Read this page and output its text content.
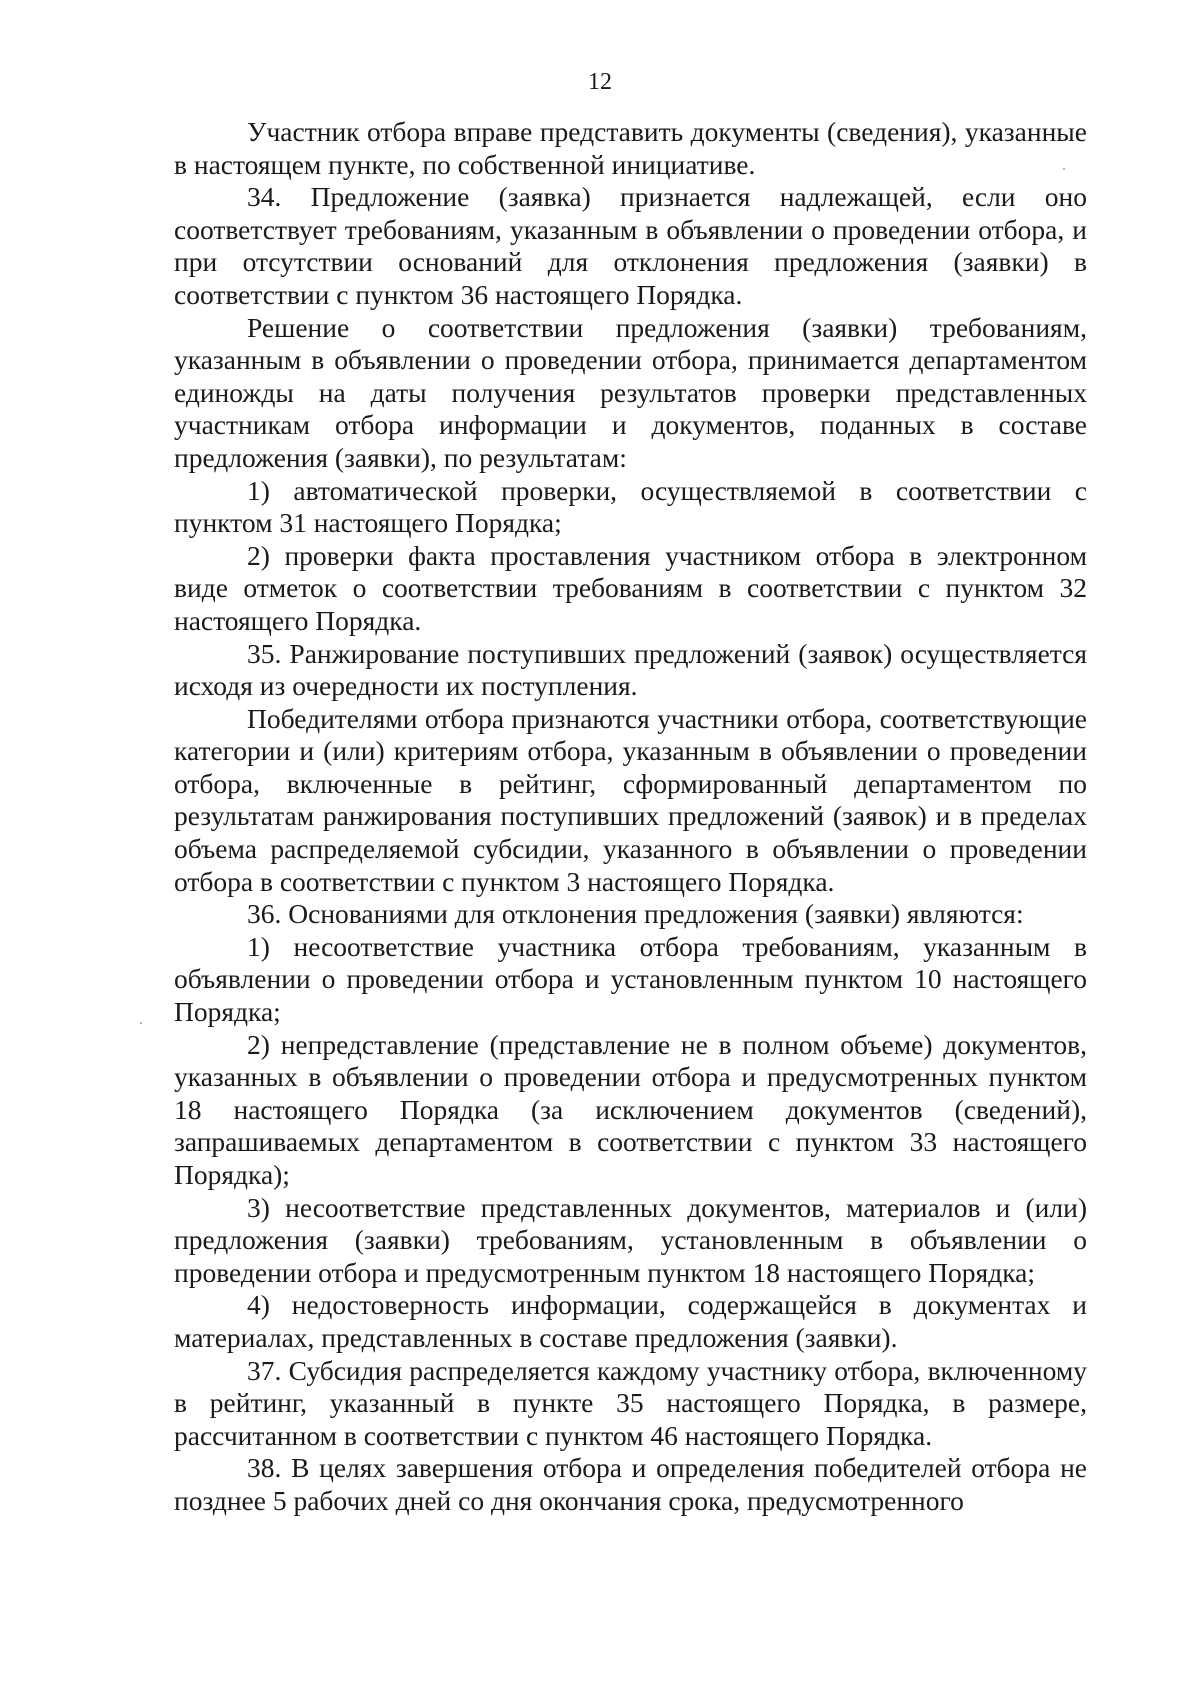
12

Участник отбора вправе представить документы (сведения), указанные в настоящем пункте, по собственной инициативе.

34. Предложение (заявка) признается надлежащей, если оно соответствует требованиям, указанным в объявлении о проведении отбора, и при отсутствии оснований для отклонения предложения (заявки) в соответствии с пунктом 36 настоящего Порядка.

Решение о соответствии предложения (заявки) требованиям, указанным в объявлении о проведении отбора, принимается департаментом единожды на даты получения результатов проверки представленных участникам отбора информации и документов, поданных в составе предложения (заявки), по результатам:

1) автоматической проверки, осуществляемой в соответствии с пунктом 31 настоящего Порядка;

2) проверки факта проставления участником отбора в электронном виде отметок о соответствии требованиям в соответствии с пунктом 32 настоящего Порядка.

35. Ранжирование поступивших предложений (заявок) осуществляется исходя из очередности их поступления.

Победителями отбора признаются участники отбора, соответствующие категории и (или) критериям отбора, указанным в объявлении о проведении отбора, включенные в рейтинг, сформированный департаментом по результатам ранжирования поступивших предложений (заявок) и в пределах объема распределяемой субсидии, указанного в объявлении о проведении отбора в соответствии с пунктом 3 настоящего Порядка.

36. Основаниями для отклонения предложения (заявки) являются:

1) несоответствие участника отбора требованиям, указанным в объявлении о проведении отбора и установленным пунктом 10 настоящего Порядка;

2) непредставление (представление не в полном объеме) документов, указанных в объявлении о проведении отбора и предусмотренных пунктом 18 настоящего Порядка (за исключением документов (сведений), запрашиваемых департаментом в соответствии с пунктом 33 настоящего Порядка);

3) несоответствие представленных документов, материалов и (или) предложения (заявки) требованиям, установленным в объявлении о проведении отбора и предусмотренным пунктом 18 настоящего Порядка;

4) недостоверность информации, содержащейся в документах и материалах, представленных в составе предложения (заявки).

37. Субсидия распределяется каждому участнику отбора, включенному в рейтинг, указанный в пункте 35 настоящего Порядка, в размере, рассчитанном в соответствии с пунктом 46 настоящего Порядка.

38. В целях завершения отбора и определения победителей отбора не позднее 5 рабочих дней со дня окончания срока, предусмотренного
